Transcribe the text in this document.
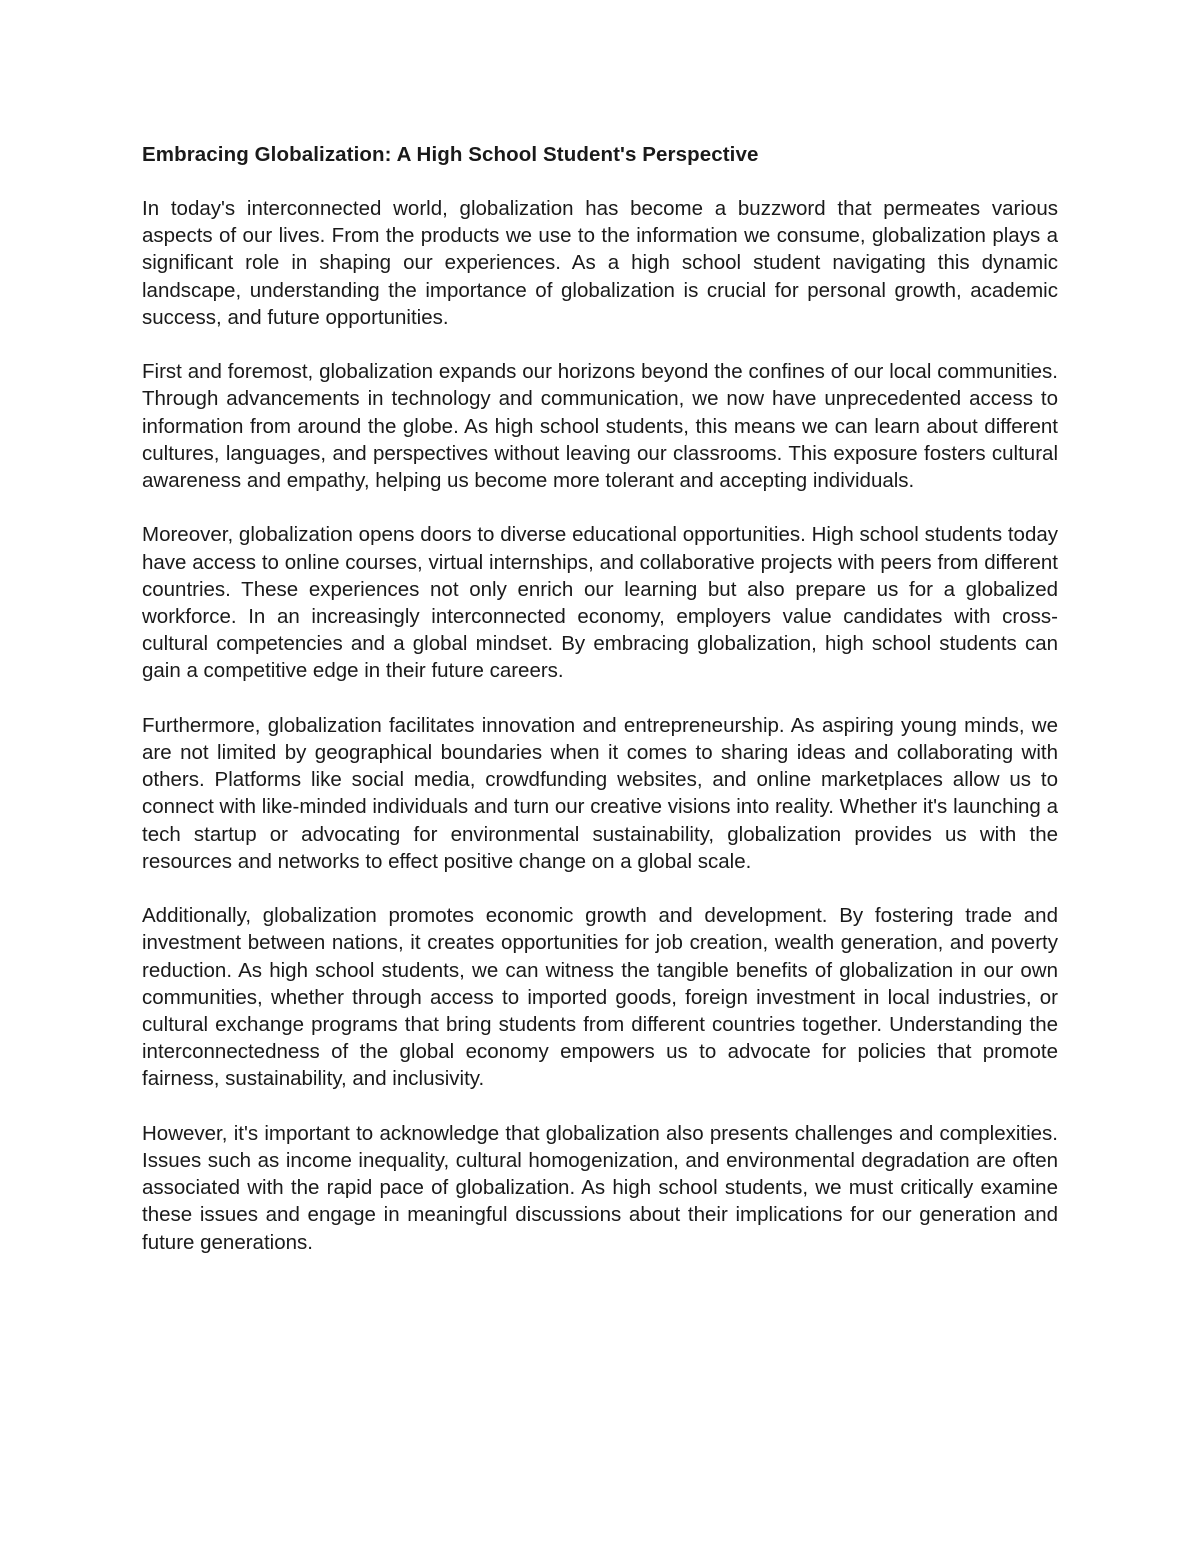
Embracing Globalization: A High School Student's Perspective

In today's interconnected world, globalization has become a buzzword that permeates various aspects of our lives. From the products we use to the information we consume, globalization plays a significant role in shaping our experiences. As a high school student navigating this dynamic landscape, understanding the importance of globalization is crucial for personal growth, academic success, and future opportunities.

First and foremost, globalization expands our horizons beyond the confines of our local communities. Through advancements in technology and communication, we now have unprecedented access to information from around the globe. As high school students, this means we can learn about different cultures, languages, and perspectives without leaving our classrooms. This exposure fosters cultural awareness and empathy, helping us become more tolerant and accepting individuals.

Moreover, globalization opens doors to diverse educational opportunities. High school students today have access to online courses, virtual internships, and collaborative projects with peers from different countries. These experiences not only enrich our learning but also prepare us for a globalized workforce. In an increasingly interconnected economy, employers value candidates with cross-cultural competencies and a global mindset. By embracing globalization, high school students can gain a competitive edge in their future careers.

Furthermore, globalization facilitates innovation and entrepreneurship. As aspiring young minds, we are not limited by geographical boundaries when it comes to sharing ideas and collaborating with others. Platforms like social media, crowdfunding websites, and online marketplaces allow us to connect with like-minded individuals and turn our creative visions into reality. Whether it's launching a tech startup or advocating for environmental sustainability, globalization provides us with the resources and networks to effect positive change on a global scale.

Additionally, globalization promotes economic growth and development. By fostering trade and investment between nations, it creates opportunities for job creation, wealth generation, and poverty reduction. As high school students, we can witness the tangible benefits of globalization in our own communities, whether through access to imported goods, foreign investment in local industries, or cultural exchange programs that bring students from different countries together. Understanding the interconnectedness of the global economy empowers us to advocate for policies that promote fairness, sustainability, and inclusivity.

However, it's important to acknowledge that globalization also presents challenges and complexities. Issues such as income inequality, cultural homogenization, and environmental degradation are often associated with the rapid pace of globalization. As high school students, we must critically examine these issues and engage in meaningful discussions about their implications for our generation and future generations.
